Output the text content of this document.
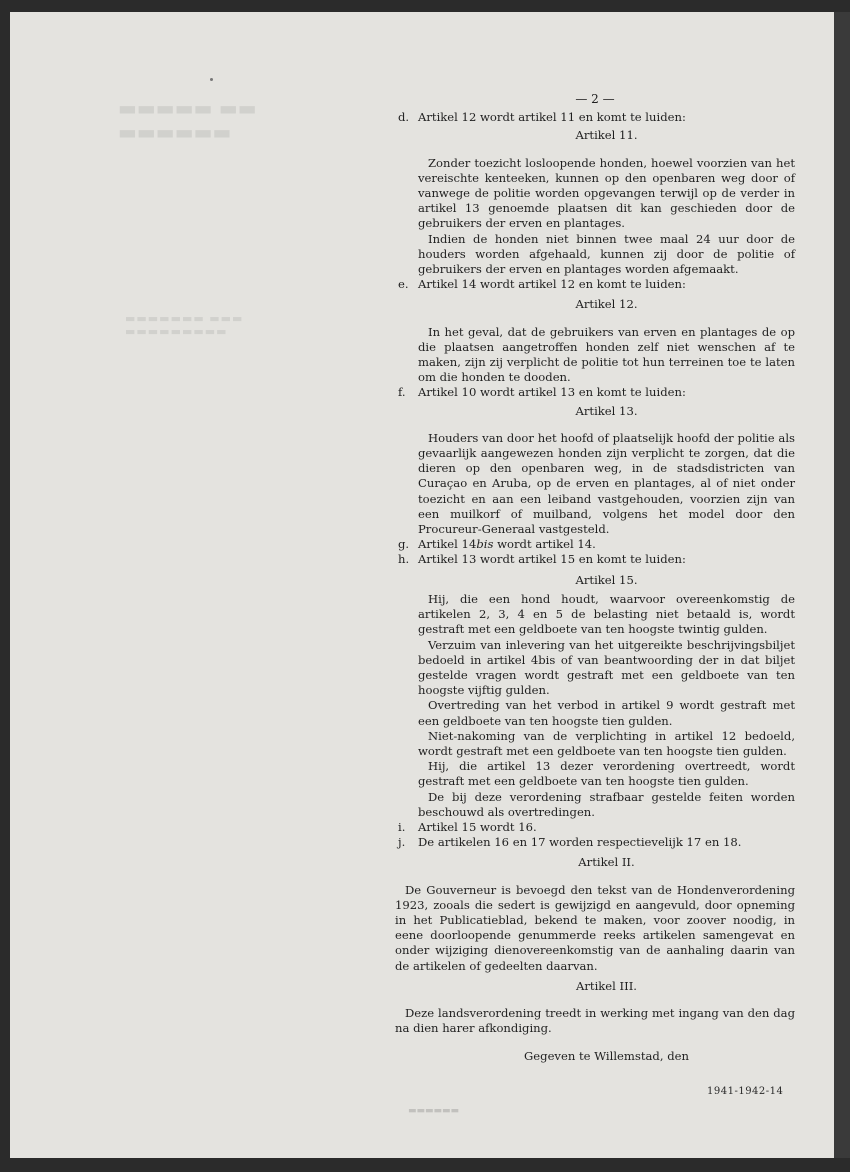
▬▬▬▬▬ ▬▬ ▬▬▬▬▬▬
▬▬▬▬▬▬▬ ▬▬▬ ▬▬▬▬▬▬▬▬▬
— 2 —
d. Artikel 12 wordt artikel 11 en komt te luiden:
Artikel 11.

Zonder toezicht losloopende honden, hoewel voorzien van het vereischte kenteeken, kunnen op den openbaren weg door of vanwege de politie worden opgevangen terwijl op de verder in artikel 13 genoemde plaatsen dit kan geschieden door de gebruikers der erven en plantages.

Indien de honden niet binnen twee maal 24 uur door de houders worden afgehaald, kunnen zij door de politie of gebruikers der erven en plantages worden afgemaakt.

e. Artikel 14 wordt artikel 12 en komt te luiden:
Artikel 12.

In het geval, dat de gebruikers van erven en plantages de op die plaatsen aangetroffen honden zelf niet wenschen af te maken, zijn zij verplicht de politie tot hun terreinen toe te laten om die honden te dooden.

f. Artikel 10 wordt artikel 13 en komt te luiden:
Artikel 13.

Houders van door het hoofd of plaatselijk hoofd der politie als gevaarlijk aangewezen honden zijn verplicht te zorgen, dat die dieren op den openbaren weg, in de stadsdistricten van Curaçao en Aruba, op de erven en plantages, al of niet onder toezicht en aan een leiband vastgehouden, voorzien zijn van een muilkorf of muilband, volgens het model door den Procureur-Generaal vastgesteld.

g. Artikel 14bis wordt artikel 14.
h. Artikel 13 wordt artikel 15 en komt te luiden:
Artikel 15.

Hij, die een hond houdt, waarvoor overeenkomstig de artikelen 2, 3, 4 en 5 de belasting niet betaald is, wordt gestraft met een geldboete van ten hoogste twintig gulden.

Verzuim van inlevering van het uitgereikte beschrijvingsbiljet bedoeld in artikel 4bis of van beantwoording der in dat biljet gestelde vragen wordt gestraft met een geldboete van ten hoogste vijftig gulden.

Overtreding van het verbod in artikel 9 wordt gestraft met een geldboete van ten hoogste tien gulden.

Niet-nakoming van de verplichting in artikel 12 bedoeld, wordt gestraft met een geldboete van ten hoogste tien gulden.

Hij, die artikel 13 dezer verordening overtreedt, wordt gestraft met een geldboete van ten hoogste tien gulden.

De bij deze verordening strafbaar gestelde feiten worden beschouwd als overtredingen.

i. Artikel 15 wordt 16.
j. De artikelen 16 en 17 worden respectievelijk 17 en 18.
Artikel II.

De Gouverneur is bevoegd den tekst van de Hondenverordening 1923, zooals die sedert is gewijzigd en aangevuld, door opneming in het Publicatieblad, bekend te maken, voor zoover noodig, in eene doorloopende genummerde reeks artikelen samengevat en onder wijziging dienovereenkomstig van de aanhaling daarin van de artikelen of gedeelten daarvan.

Artikel III.

Deze landsverordening treedt in werking met ingang van den dag na dien harer afkondiging.

Gegeven te Willemstad, den
▬▬▬▬▬▬
1941-1942-14
